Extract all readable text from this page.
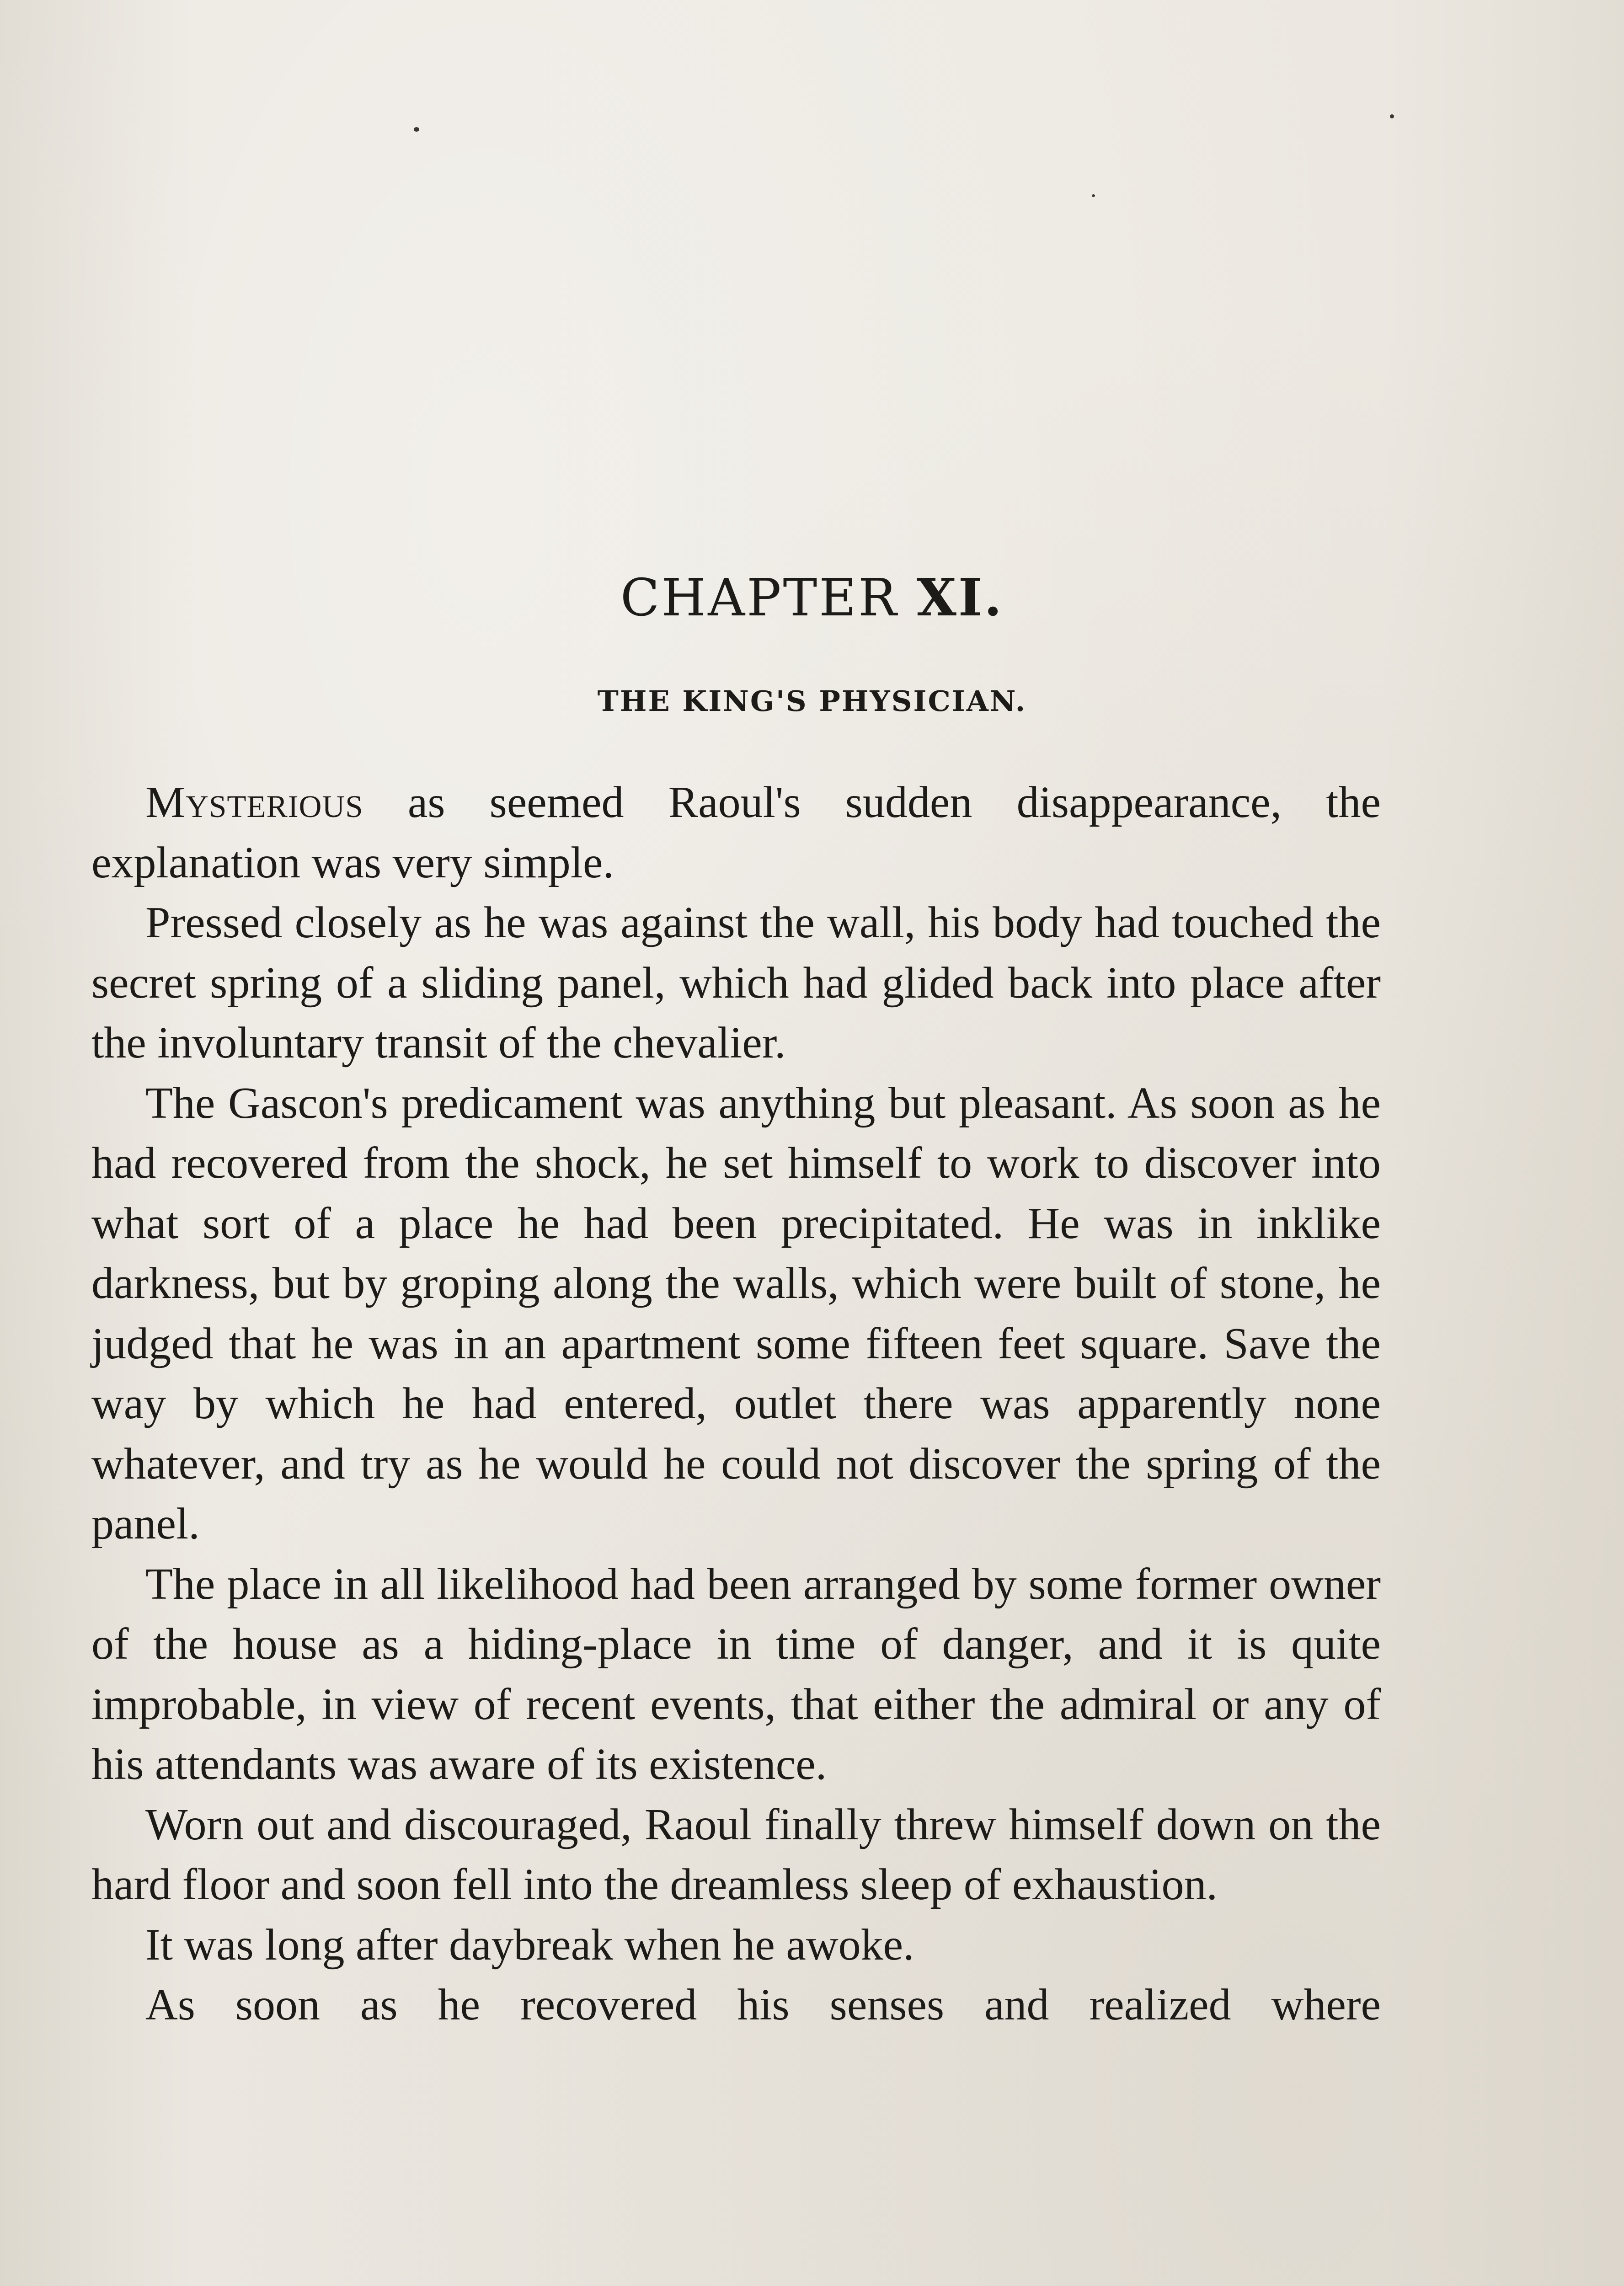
CHAPTER XI.
THE KING'S PHYSICIAN.

Mysterious as seemed Raoul's sudden disappearance, the explanation was very simple.

Pressed closely as he was against the wall, his body had touched the secret spring of a sliding panel, which had glided back into place after the involuntary transit of the chevalier.

The Gascon's predicament was anything but pleasant. As soon as he had recovered from the shock, he set himself to work to discover into what sort of a place he had been precipitated. He was in inklike darkness, but by groping along the walls, which were built of stone, he judged that he was in an apartment some fifteen feet square. Save the way by which he had entered, outlet there was apparently none whatever, and try as he would he could not discover the spring of the panel.

The place in all likelihood had been arranged by some former owner of the house as a hiding-place in time of danger, and it is quite improbable, in view of recent events, that either the admiral or any of his attendants was aware of its existence.

Worn out and discouraged, Raoul finally threw himself down on the hard floor and soon fell into the dreamless sleep of exhaustion.

It was long after daybreak when he awoke.

As soon as he recovered his senses and realized where
